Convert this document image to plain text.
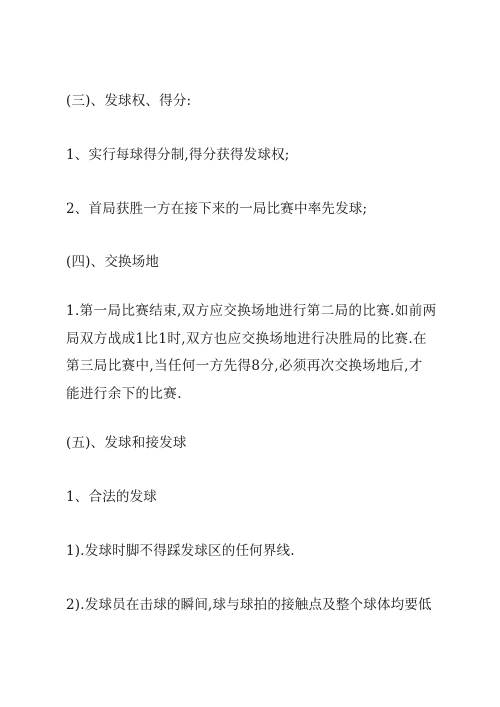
(三)、发球权、得分:
1、实行每球得分制,得分获得发球权;
2、首局获胜一方在接下来的一局比赛中率先发球;
(四)、交换场地
1.第一局比赛结束,双方应交换场地进行第二局的比赛.如前两
局双方战成1比1时,双方也应交换场地进行决胜局的比赛.在
第三局比赛中,当任何一方先得8分,必须再次交换场地后,才
能进行余下的比赛.
(五)、发球和接发球
1、合法的发球
1).发球时脚不得踩发球区的任何界线.
2).发球员在击球的瞬间,球与球拍的接触点及整个球体均要低
